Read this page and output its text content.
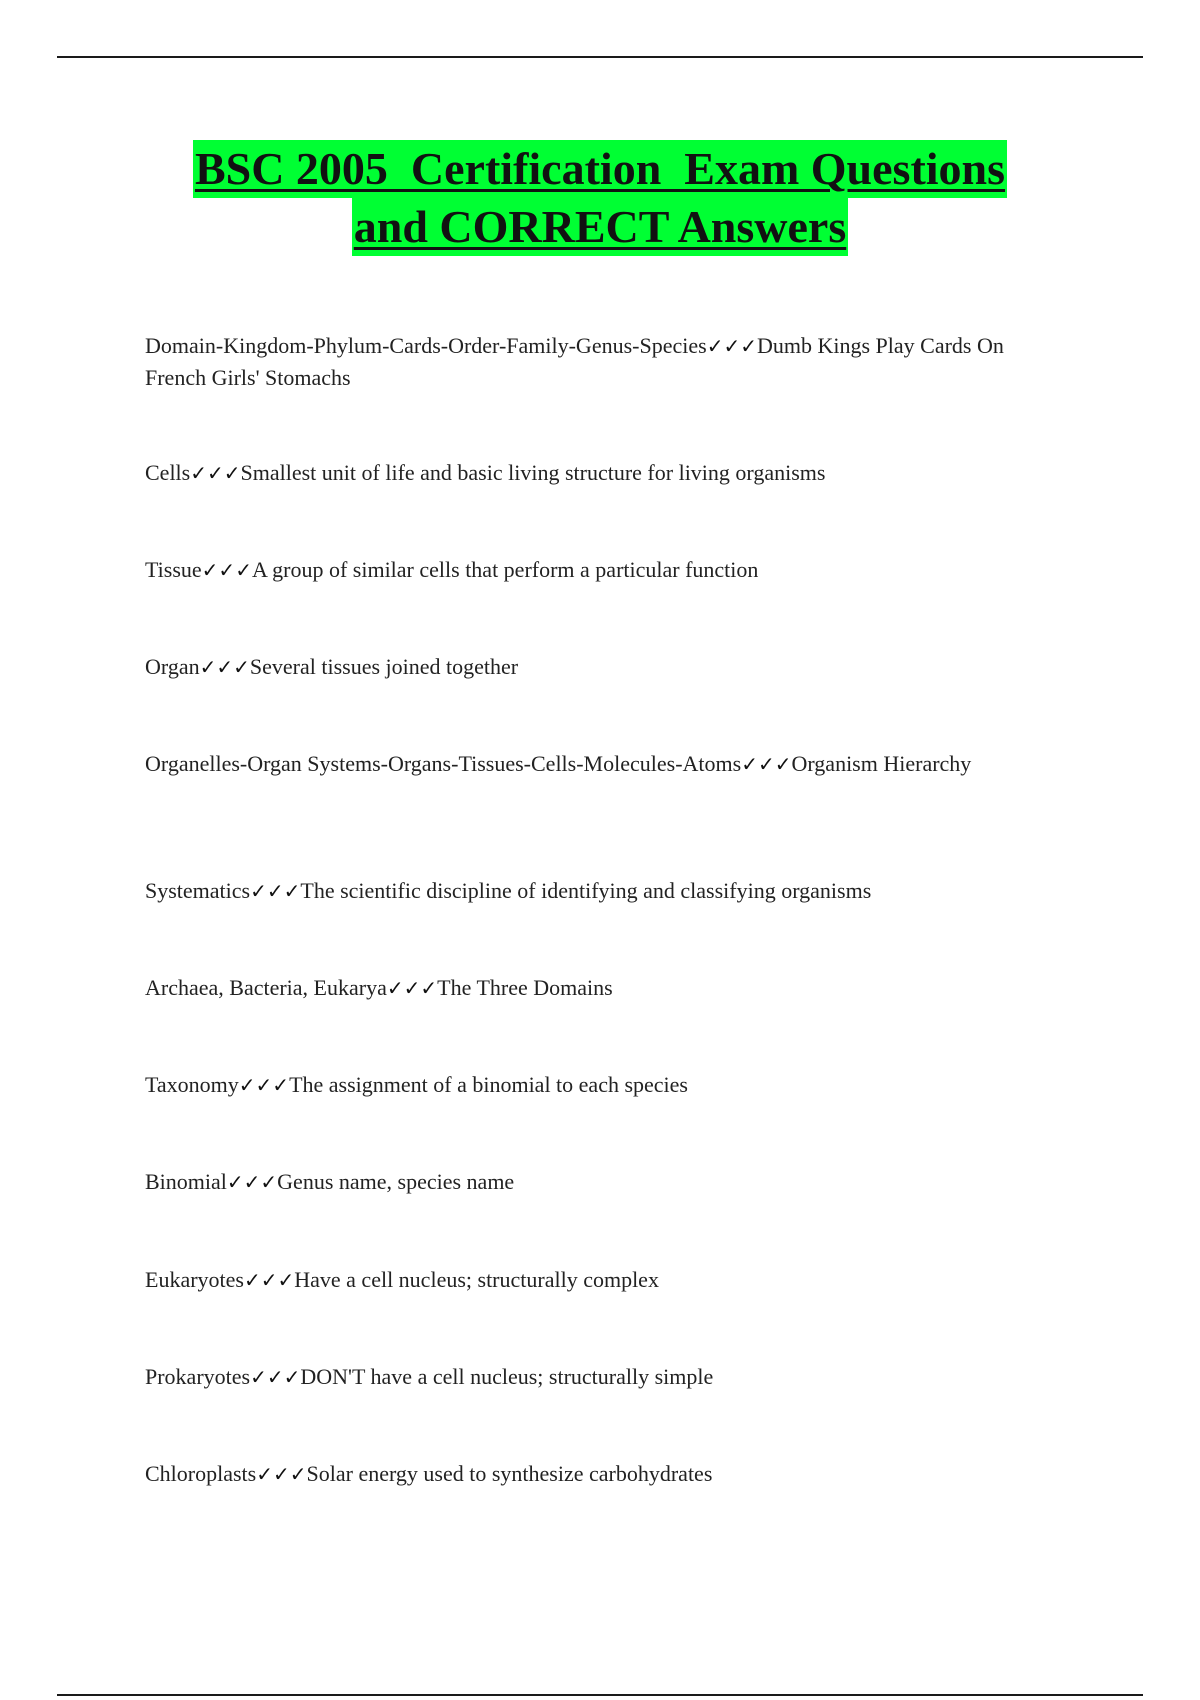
BSC 2005  Certification  Exam Questions
and CORRECT Answers
Domain-Kingdom-Phylum-Cards-Order-Family-Genus-Species✓✓✓Dumb Kings Play Cards On French Girls' Stomachs
Cells✓✓✓Smallest unit of life and basic living structure for living organisms
Tissue✓✓✓A group of similar cells that perform a particular function
Organ✓✓✓Several tissues joined together
Organelles-Organ Systems-Organs-Tissues-Cells-Molecules-Atoms✓✓✓Organism Hierarchy
Systematics✓✓✓The scientific discipline of identifying and classifying organisms
Archaea, Bacteria, Eukarya✓✓✓The Three Domains
Taxonomy✓✓✓The assignment of a binomial to each species
Binomial✓✓✓Genus name, species name
Eukaryotes✓✓✓Have a cell nucleus; structurally complex
Prokaryotes✓✓✓DON'T have a cell nucleus; structurally simple
Chloroplasts✓✓✓Solar energy used to synthesize carbohydrates
